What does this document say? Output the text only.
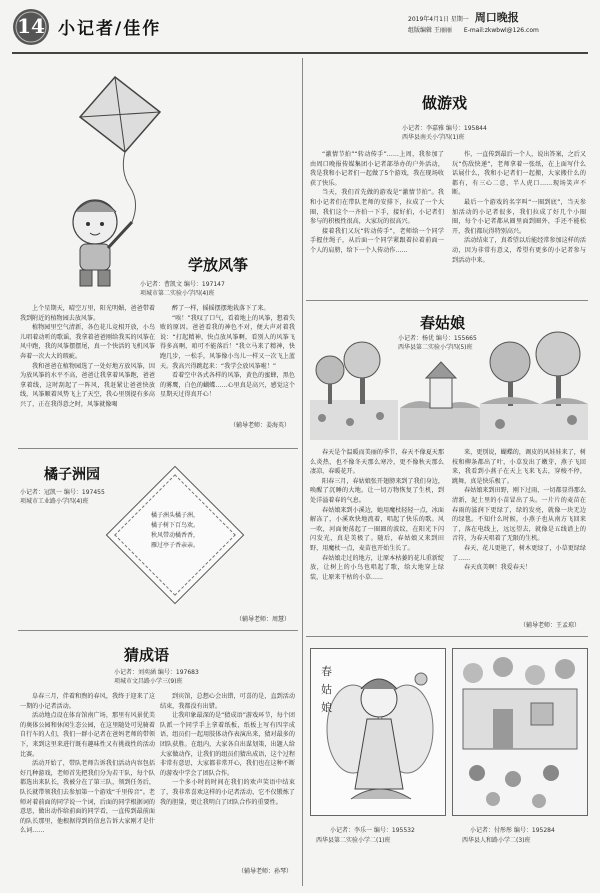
14 小记者/佳作	2019年4月1日 星期一 周口晚报
组版编辑 王丽丽 E-mail:zkwbwl@126.com
学放风筝
小记者：曹凯文 编号：197147
项城市第二实验小学四(4)班

上个星期天，晴空万里，阳光明媚，爸爸带着我到附近的植物园去放风筝。

植物园里空气清新，各色花儿竞相开放，小鸟儿唱着动听的歌谣，我拿着爸爸刚给我买的风筝在风中跑，我的风筝摆摆尾，真一个快活的飞机风筝奔着一次大大的瑕疵。

我和爸爸在植物园选了一处好地方放风筝，因为放风筝的水平不高，爸爸让我拿着风筝跑，爸爸拿着线，这时刮起了一阵风，我赶紧让爸爸快放线，风筝顺着风势飞上了天空，我心里别提有多高兴了，正在我得意之时，风筝就像喝

醉了一样，摇摇摆摆地栽落下了来。

“唉！”我叹了口气，看着地上的风筝，想着失败的原因。爸爸看我的神色不对，便大声对着我说：“打起精神，快点放风筝啊，看别人的风筝飞得多高啊，咱可不能落后！”我立马来了精神，快跑几步，一松手，风筝像小鸟儿一样又一次飞上蓝天。我高兴得跳起来：“我学会放风筝啦！”

看着空中各式各样的风筝，黄色的蜜蜂，黑色的雾鹰，白色的蝴蝶……心里真是高兴，感觉这个星期天过得真开心！

（辅导老师：姜海英）
橘子洲园
小记者：冠凯一 编号：197455
项城市工业路小学四(4)班
橘子洲头橘子洲，
橘子树下百鸟欢。
秋风带动橘香香，
雁过亭子香亲亲。
（辅导老师：周慧）
猜成语
小记者：刘奕涵 编号：197683
项城市文昌路小学三(9)班

阜春三月，伴着和煦的春风，我终于迎来了这一期的小记者活动。

活动地点设在体育馆南广场，那里有风景优美的奥体公园和休闲生态公园，在这里随处可见骑着自行车的人们，我们一群小记者在爸妈老师的带领下，来到这里来进行既有趣味性又有挑战性的活动比赛。

活动开始了，带队老师告诉我们活动内容包括好几种游戏，老师首先把我们分为若干队，每个队都选出来队长，我被分在了第三队，领到任务后，队长就带领我们去参加第一个游戏“千里传音”。老师对着前面的同学说一个词，后面的同学根据词的意思，做出动作给前面的同学看，一直传到最前面的队长那里，他根据得到的信息告诉大家刚才是什么词……

到宾馆，总想心会出错，可喜的是，直到活动结束，我都没有出错。

让我印象最深的是“猜成语”游戏环节，每个团队派一个同学手上拿着纸板，纸板上写有四字成语，组员们一起用肢体动作表演出来，猜对最多的团队获胜。在组内，大家各自出谋划策，出题人给大家做动作，让我们的组员们猜出成语，这个过程非常有意思，大家都非常开心，我们也在这种不断的游戏中学会了团队合作。

一个多小时的时间在我们的欢声笑语中结束了，我非常喜欢这样的小记者活动，它不仅锻炼了我的胆量，更让我明白了团队合作的重要性。

（辅导老师：孙琴）
做游戏
小记者：李嘉雅 编号：195844
西华县南关小学四(1)班

“激情节拍”“转动传手”……上周，我参加了由周口晚报传媒集团小记者部举办的户外活动，我是我和小记者们一起做了5个游戏，我在现场收获了快乐。

当天，我们首先做的游戏是“激情节拍”。我和小记者们在带队老师的安排下，拉成了一个大圈，我们这个一齐拍一下手，接好拍，小记者们参与的积极性很高，大家玩的很高兴。

接着我们又玩“转动传手”，老师给一个同学手握住绳子，从后面一个同学紧跟着拉着前面一个人的肩膀，给下一个人传动作……

作，一直传到最后一个人，说出答案，之后又玩“伤敌快递”，老师拿着一张纸，在上面写什么话展什么，我和小记者们一起搬，大家搬什么的都有，有三心二意，半人虎口……现场笑声不断。

最后一个游戏的名字叫“一圈到底”，当天参加活动的小记者很多，我们拉成了好几个小圈圈，每个小记者都从圈里面到圈外，手还不能松开，我们都玩得特别高兴。

活动结束了，真希望以后能经常参加这样的活动，因为非常有意义，希望有更多的小记者参与到活动中来。

春姑娘
小记者：杨优 编号：155665
西华县第二实验小学四(5)班

春天是个温暖而美丽的季节，春天不像夏天那么炎热，也不像冬天那么寒冷，更不像秋天那么凄凉，春暖花开。

阳春三月，春姑娘张开翅膀来到了我们身边，唤醒了沉睡的大地。让一切万物恢复了生机，到处洋溢着春的气息。

春姑娘来到小溪边，她用魔杖轻轻一点，冰面解冻了，小溪欢快地流着，唱起了快乐的歌。风一吹，河面便荡起了一圈圈的波纹，在阳光下闪闪发光，真是美极了。随后，春姑娘又来到田野，用魔杖一点，麦苗也开始生长了。

春姑娘走过的地方，让原本枯萎的花儿重新绽放，让树上的小鸟也唱起了歌，给大地穿上绿装，让原来干枯的小草……

来，更别说，蝴蝶的，调皮的风娃娃来了，树枝和柳条都出了叶，小草发出了嫩芽，燕子飞回来，我看到小燕子在天上飞来飞去，穿梭不停，跳舞，真是快乐极了。

春姑娘来到田野，刚下过雨，一切都显得那么清新，泥土里的小苗冒出了头。一片片的麦苗在春雨的滋润下更绿了，绿的发亮，就像一块无边的绿毯。不知什么时候，小燕子也从南方飞回来了，落在电线上，远远望去，就像是五线谱上的音符，为春天唱着了无限的生机。

春天，花儿更艳了，树木更绿了，小草更绿绿了……

春天真美啊！我爱春天！

（辅导老师：王孟琼）
春姑娘
小记者：李乐一 编号：195532
西华县第二实验小学二(1)班
小记者：付彤彤 编号：195284
西华县人和路小学二(3)班
